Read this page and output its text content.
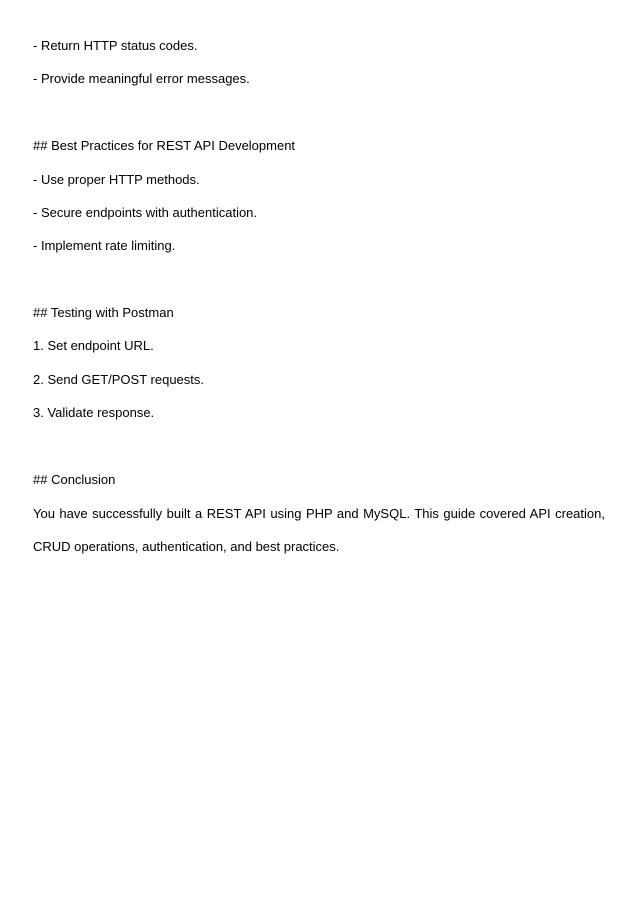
- Return HTTP status codes.
- Provide meaningful error messages.
## Best Practices for REST API Development
- Use proper HTTP methods.
- Secure endpoints with authentication.
- Implement rate limiting.
## Testing with Postman
1. Set endpoint URL.
2. Send GET/POST requests.
3. Validate response.
## Conclusion
You have successfully built a REST API using PHP and MySQL. This guide covered API creation,
CRUD operations, authentication, and best practices.
